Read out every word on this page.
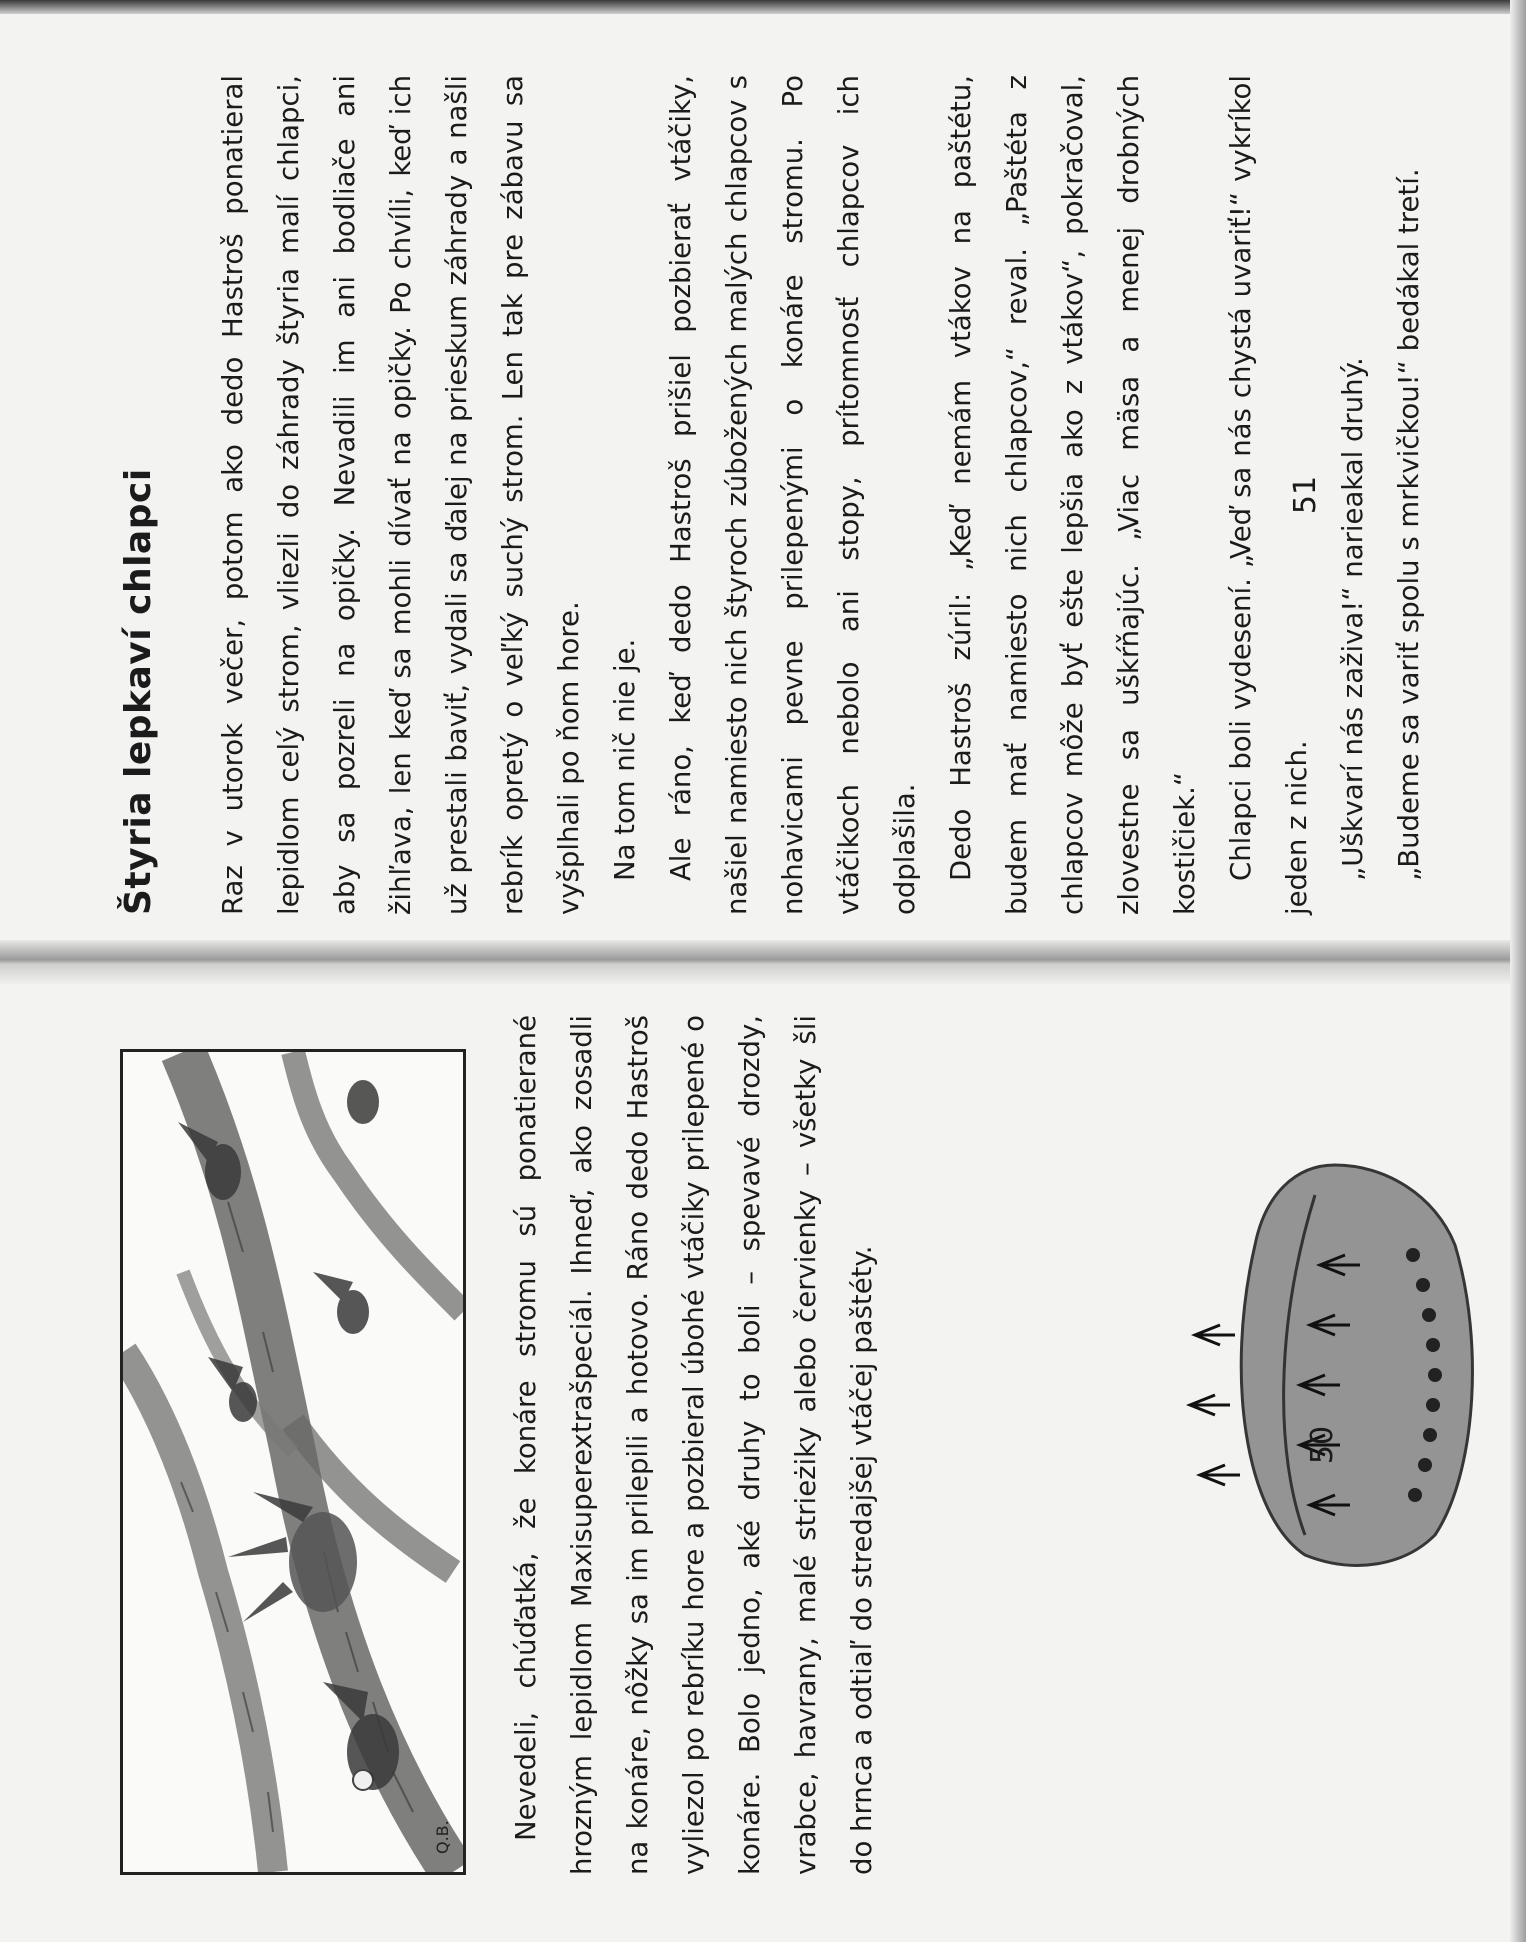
Štyria lepkaví chlapci	Raz v utorok večer, potom ako dedo Hastroš ponatieral lepidlom celý strom, vliezli do záhrady štyria malí chlapci, aby sa pozreli na opičky. Nevadili im ani bodliače ani žihľava, len keď sa mohli dívať na opičky. Po chvíli, keď ich už prestali baviť, vydali sa ďalej na prieskum záhrady a našli rebrík opretý o veľký suchý strom. Len tak pre zábavu sa vyšplhali po ňom hore. Na tom nič nie je. Ale ráno, keď dedo Hastroš prišiel pozbierať vtáčiky, našiel namiesto nich štyroch zúbožených malých chlapcov s nohavicami pevne prilepenými o konáre stromu. Po vtáčikoch nebolo ani stopy, prítomnosť chlapcov ich odplašila. Dedo Hastroš zúril: „Keď nemám vtákov na paštétu, budem mať namiesto nich chlapcov,“ reval. „Paštéta z chlapcov môže byť ešte lepšia ako z vtákov“, pokračoval, zlovestne sa uškŕňajúc. „Viac mäsa a menej drobných kostičiek.“ Chlapci boli vydesení. „Veď sa nás chystá uvariť!“ vykríkol jeden z nich. „Uškvarí nás zaživa!“ narieakal druhý. „Budeme sa variť spolu s mrkvičkou!“ bedákal tretí.

51
Q.B.	Nevedeli, chúďatká, že konáre stromu sú ponatierané hrozným lepidlom Maxisuperextrašpeciál. Ihneď, ako zosadli na konáre, nôžky sa im prilepili a hotovo. Ráno dedo Hastroš vyliezol po rebríku hore a pozbieral úbohé vtáčiky prilepené o konáre. Bolo jedno, aké druhy to boli – spevavé drozdy, vrabce, havrany, malé strieżiky alebo červienky – všetky šli do hrnca a odtiaľ do stredajšej vtáčej paštéty.	50
